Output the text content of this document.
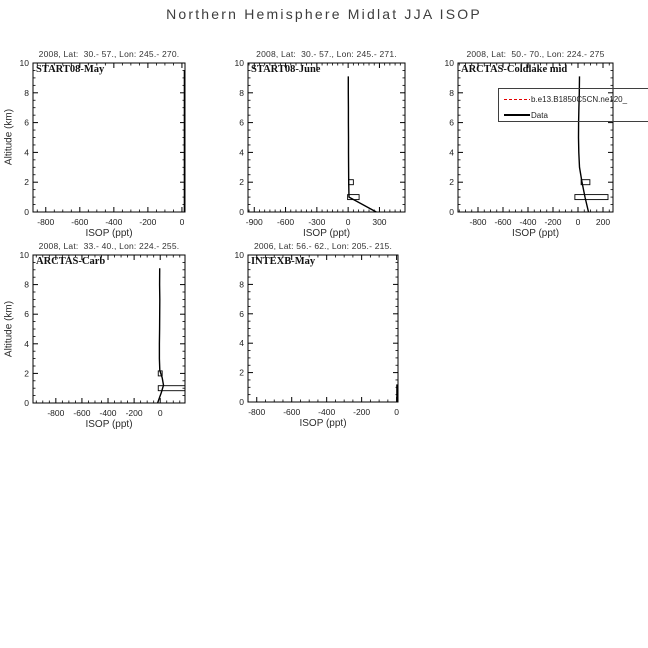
Northern Hemisphere Midlat JJA ISOP
2008, Lat:  30.- 57., Lon: 245.- 270.
START08-May
-800 -600 -400 -200	0
0
2
4
6
8
10
ISOP (ppt)
2008, Lat:  30.- 57., Lon: 245.- 271.
START08-June
-900 -600 -300 0	300
0
2
4
6
8
10
ISOP (ppt)
2008, Lat:  50.- 70., Lon: 224.- 275
ARCTAS-Coldlake mid
-800 -600 -400 -200 0 200
0
2
4
6
8
10
ISOP (ppt)
2008, Lat:  33.- 40., Lon: 224.- 255.
ARCTAS-Carb
-800 -600 -400 -200 0
0
2
4
6
8
10
ISOP (ppt)
2006, Lat: 56.- 62., Lon: 205.- 215.
INTEXB-May
-800 -600 -400 -200	0
0
2
4
6
8
10
ISOP (ppt)
Altitude (km)
Altitude (km)
b.e13.B1850C5CN.ne120_
Data
